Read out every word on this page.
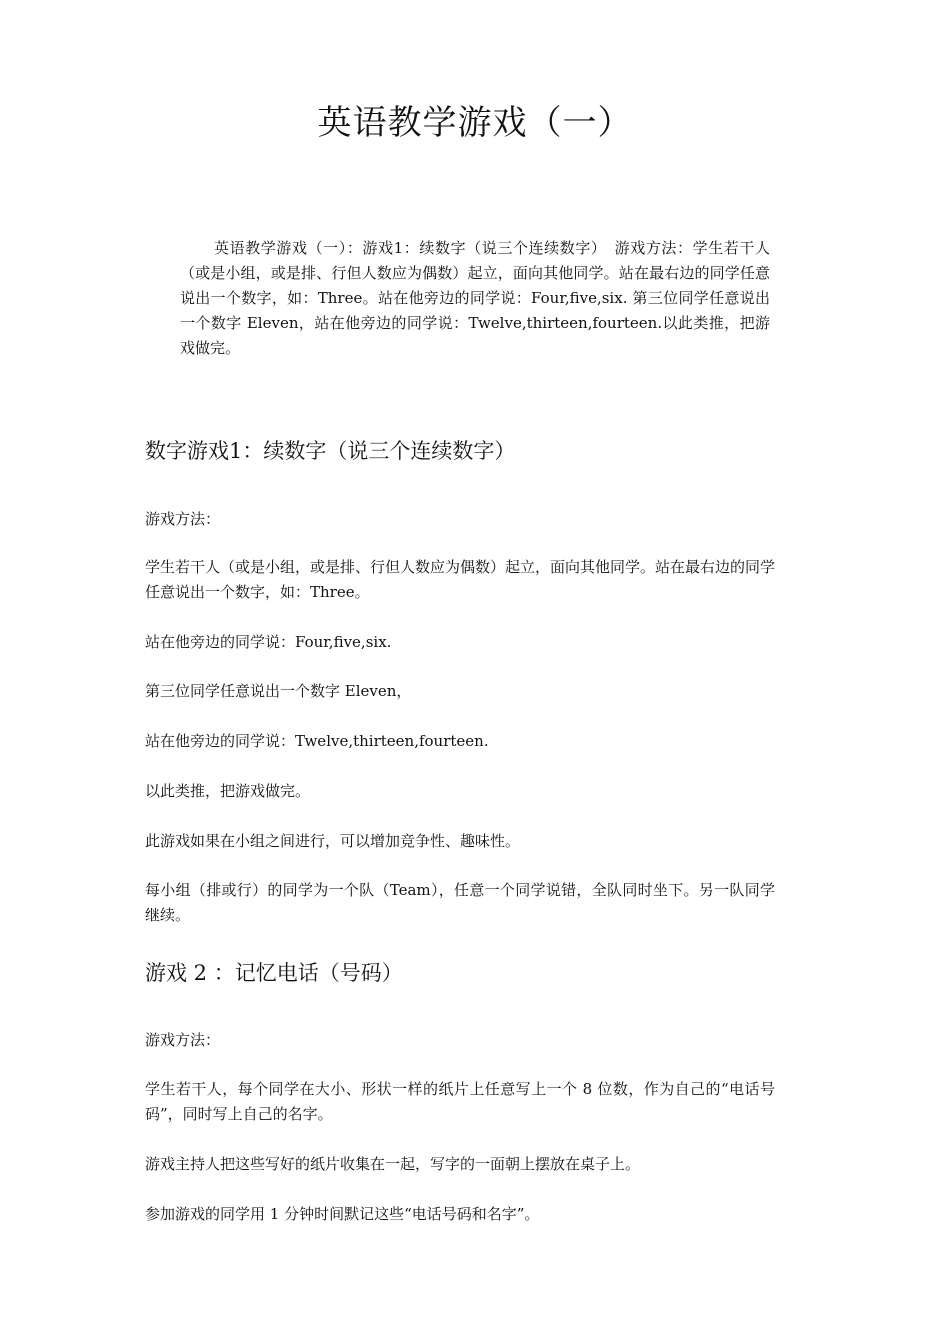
英语教学游戏（一）

英语教学游戏（一）：游戏1：续数字（说三个连续数字）　游戏方法：学生若干人（或是小组，或是排、行但人数应为偶数）起立，面向其他同学。站在最右边的同学任意说出一个数字，如：Three。站在他旁边的同学说：Four,five,six. 第三位同学任意说出一个数字 Eleven，站在他旁边的同学说：Twelve,thirteen,fourteen.以此类推，把游戏做完。

数字游戏1：续数字（说三个连续数字）

游戏方法：

学生若干人（或是小组，或是排、行但人数应为偶数）起立，面向其他同学。站在最右边的同学任意说出一个数字，如：Three。

站在他旁边的同学说：Four,five,six.

第三位同学任意说出一个数字 Eleven，

站在他旁边的同学说：Twelve,thirteen,fourteen.

以此类推，把游戏做完。

此游戏如果在小组之间进行，可以增加竞争性、趣味性。

每小组（排或行）的同学为一个队（Team），任意一个同学说错，全队同时坐下。另一队同学继续。

游戏 2 ：记忆电话（号码）

游戏方法：

学生若干人，每个同学在大小、形状一样的纸片上任意写上一个 8 位数，作为自己的“电话号码”，同时写上自己的名字。

游戏主持人把这些写好的纸片收集在一起，写字的一面朝上摆放在桌子上。

参加游戏的同学用 1 分钟时间默记这些“电话号码和名字”。
